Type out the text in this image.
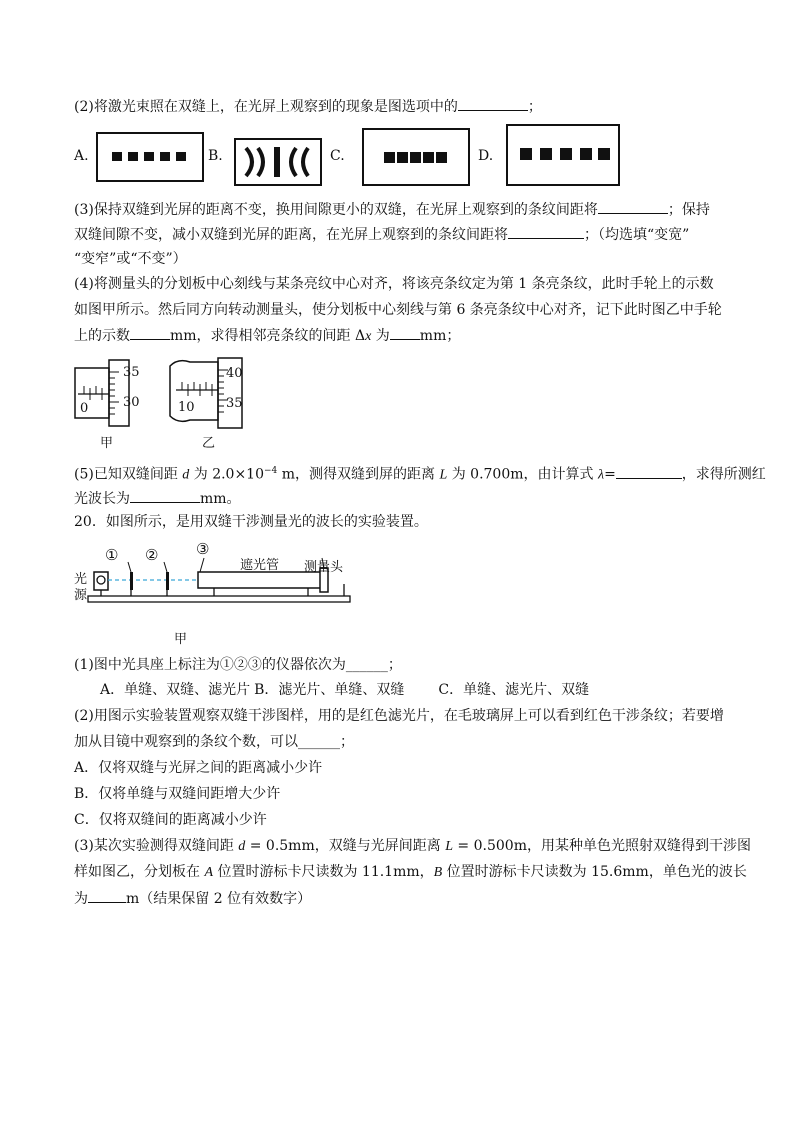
(2)将激光束照在双缝上，在光屏上观察到的现象是图选项中的	；
A.	B.	C.	D.
(3)保持双缝到光屏的距离不变，换用间隙更小的双缝，在光屏上观察到的条纹间距将	；保持
双缝间隙不变，减小双缝到光屏的距离，在光屏上观察到的条纹间距将	；（均选填“变宽”
“变窄”或“不变”）
(4)将测量头的分划板中心刻线与某条亮纹中心对齐，将该亮条纹定为第 1 条亮条纹，此时手轮上的示数
如图甲所示。然后同方向转动测量头，使分划板中心刻线与第 6 条亮条纹中心对齐，记下此时图乙中手轮
上的示数	mm，求得相邻亮条纹的间距 Δx 为 mm；
35
30
0
甲
40
35
10
乙
(5)已知双缝间距 d 为 $2.0\times 10^{-4}$ m，测得双缝到屏的距离 L 为 0.700m，由计算式 λ=	，求得所测红
光波长为	mm。
20．如图所示，是用双缝干涉测量光的波长的实验装置。
① ②	③
遮光管 测量头
光
源
甲
(1)图中光具座上标注为①②③的仪器依次为______；
A．单缝、双缝、滤光片 B．滤光片、单缝、双缝 C．单缝、滤光片、双缝
(2)用图示实验装置观察双缝干涉图样，用的是红色滤光片，在毛玻璃屏上可以看到红色干涉条纹；若要增
加从目镜中观察到的条纹个数，可以______；
A．仅将双缝与光屏之间的距离减小少许
B．仅将单缝与双缝间距增大少许
C．仅将双缝间的距离减小少许
(3)某次实验测得双缝间距 d = 0.5mm，双缝与光屏间距离 L = 0.500m，用某种单色光照射双缝得到干涉图
样如图乙，分划板在 A 位置时游标卡尺读数为 11.1mm，B 位置时游标卡尺读数为 15.6mm，单色光的波长
为	m（结果保留 2 位有效数字）
